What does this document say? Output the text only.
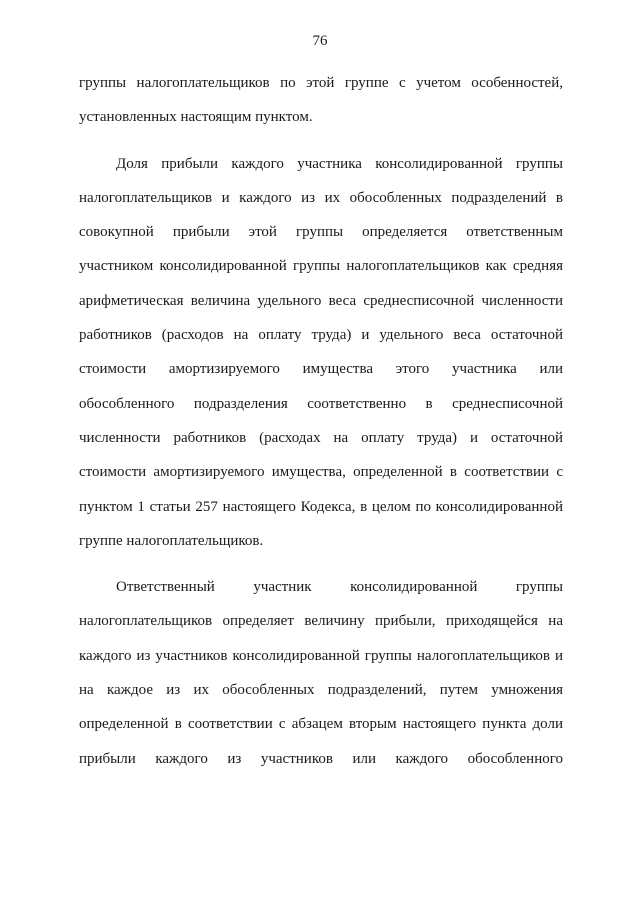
76
группы налогоплательщиков по этой группе с учетом особенностей,
установленных настоящим пунктом.
Доля прибыли каждого участника консолидированной группы
налогоплательщиков и каждого из их обособленных подразделений в
совокупной прибыли этой группы определяется ответственным
участником консолидированной группы налогоплательщиков как средняя
арифметическая величина удельного веса среднесписочной численности
работников (расходов на оплату труда) и удельного веса остаточной
стоимости амортизируемого имущества этого участника или
обособленного подразделения соответственно в среднесписочной
численности работников (расходах на оплату труда) и остаточной
стоимости амортизируемого имущества, определенной в соответствии с
пунктом 1 статьи 257 настоящего Кодекса, в целом по консолидированной
группе налогоплательщиков.
Ответственный участник консолидированной группы
налогоплательщиков определяет величину прибыли, приходящейся на
каждого из участников консолидированной группы налогоплательщиков и
на каждое из их обособленных подразделений, путем умножения
определенной в соответствии с абзацем вторым настоящего пункта доли
прибыли каждого из участников или каждого обособленного
